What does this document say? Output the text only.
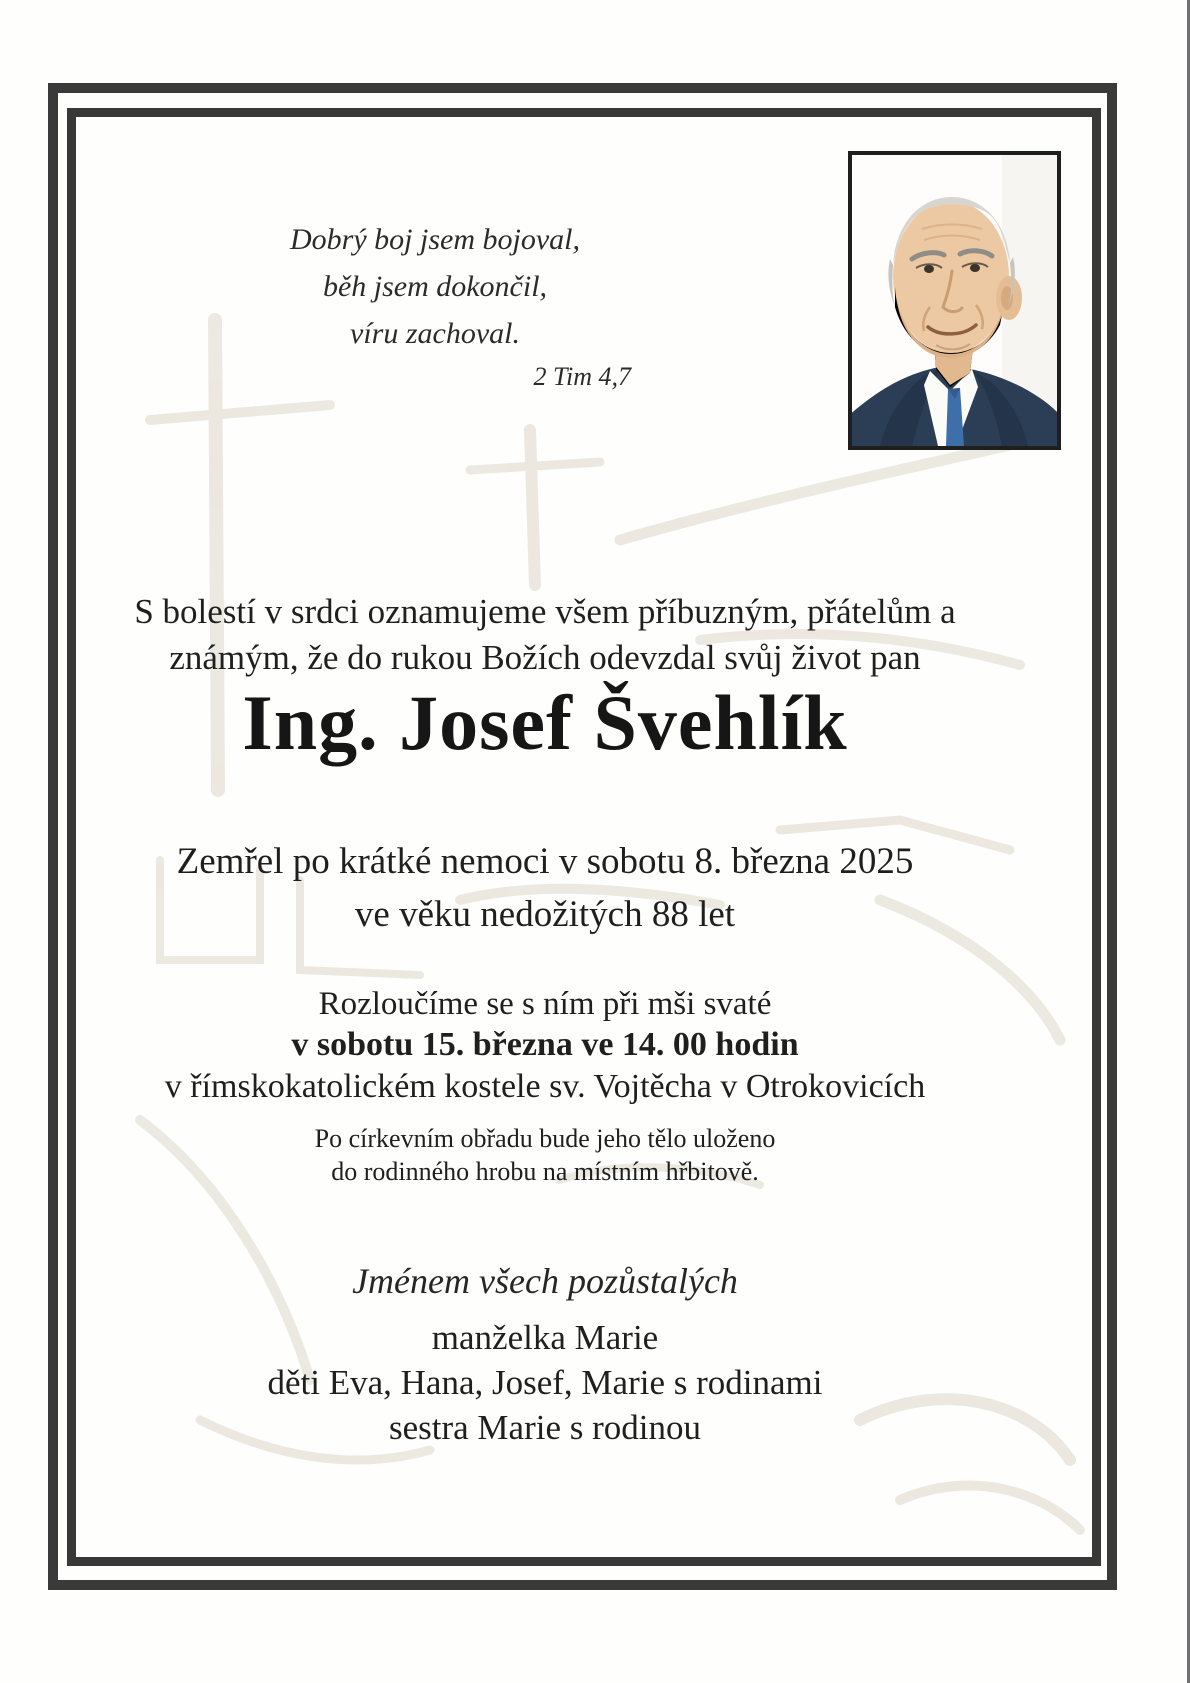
Dobrý boj jsem bojoval,
běh jsem dokončil,
víru zachoval.
2 Tim 4,7
S bolestí v srdci oznamujeme všem příbuzným, přátelům a
známým, že do rukou Božích odevzdal svůj život pan
Ing. Josef Švehlík
Zemřel po krátké nemoci v sobotu 8. března 2025
ve věku nedožitých 88 let
Rozloučíme se s ním při mši svaté
v sobotu 15. března ve 14. 00 hodin
v římskokatolickém kostele sv. Vojtěcha v Otrokovicích
Po církevním obřadu bude jeho tělo uloženo
do rodinného hrobu na místním hřbitově.
Jménem všech pozůstalých
manželka Marie
děti Eva, Hana, Josef, Marie s rodinami
sestra Marie s rodinou
